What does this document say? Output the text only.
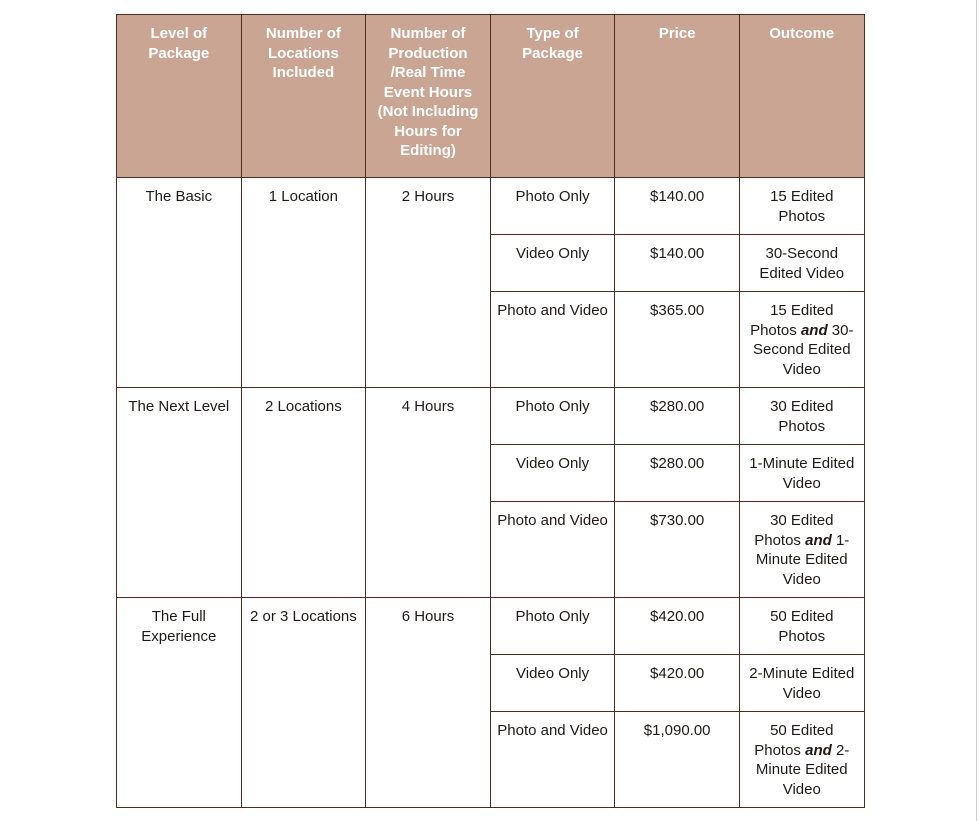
Level of Package	Number of Locations Included	Number of Production /Real Time Event Hours (Not Including Hours for Editing)	Type of Package	Price	Outcome
The Basic	1 Location	2 Hours	Photo Only	$140.00	15 Edited Photos
			Video Only	$140.00	30-Second Edited Video
			Photo and Video	$365.00	15 Edited Photos and 30-Second Edited Video
The Next Level	2 Locations	4 Hours	Photo Only	$280.00	30 Edited Photos
			Video Only	$280.00	1-Minute Edited Video
			Photo and Video	$730.00	30 Edited Photos and 1-Minute Edited Video
The Full Experience	2 or 3 Locations	6 Hours	Photo Only	$420.00	50 Edited Photos
			Video Only	$420.00	2-Minute Edited Video
			Photo and Video	$1,090.00	50 Edited Photos and 2-Minute Edited Video
